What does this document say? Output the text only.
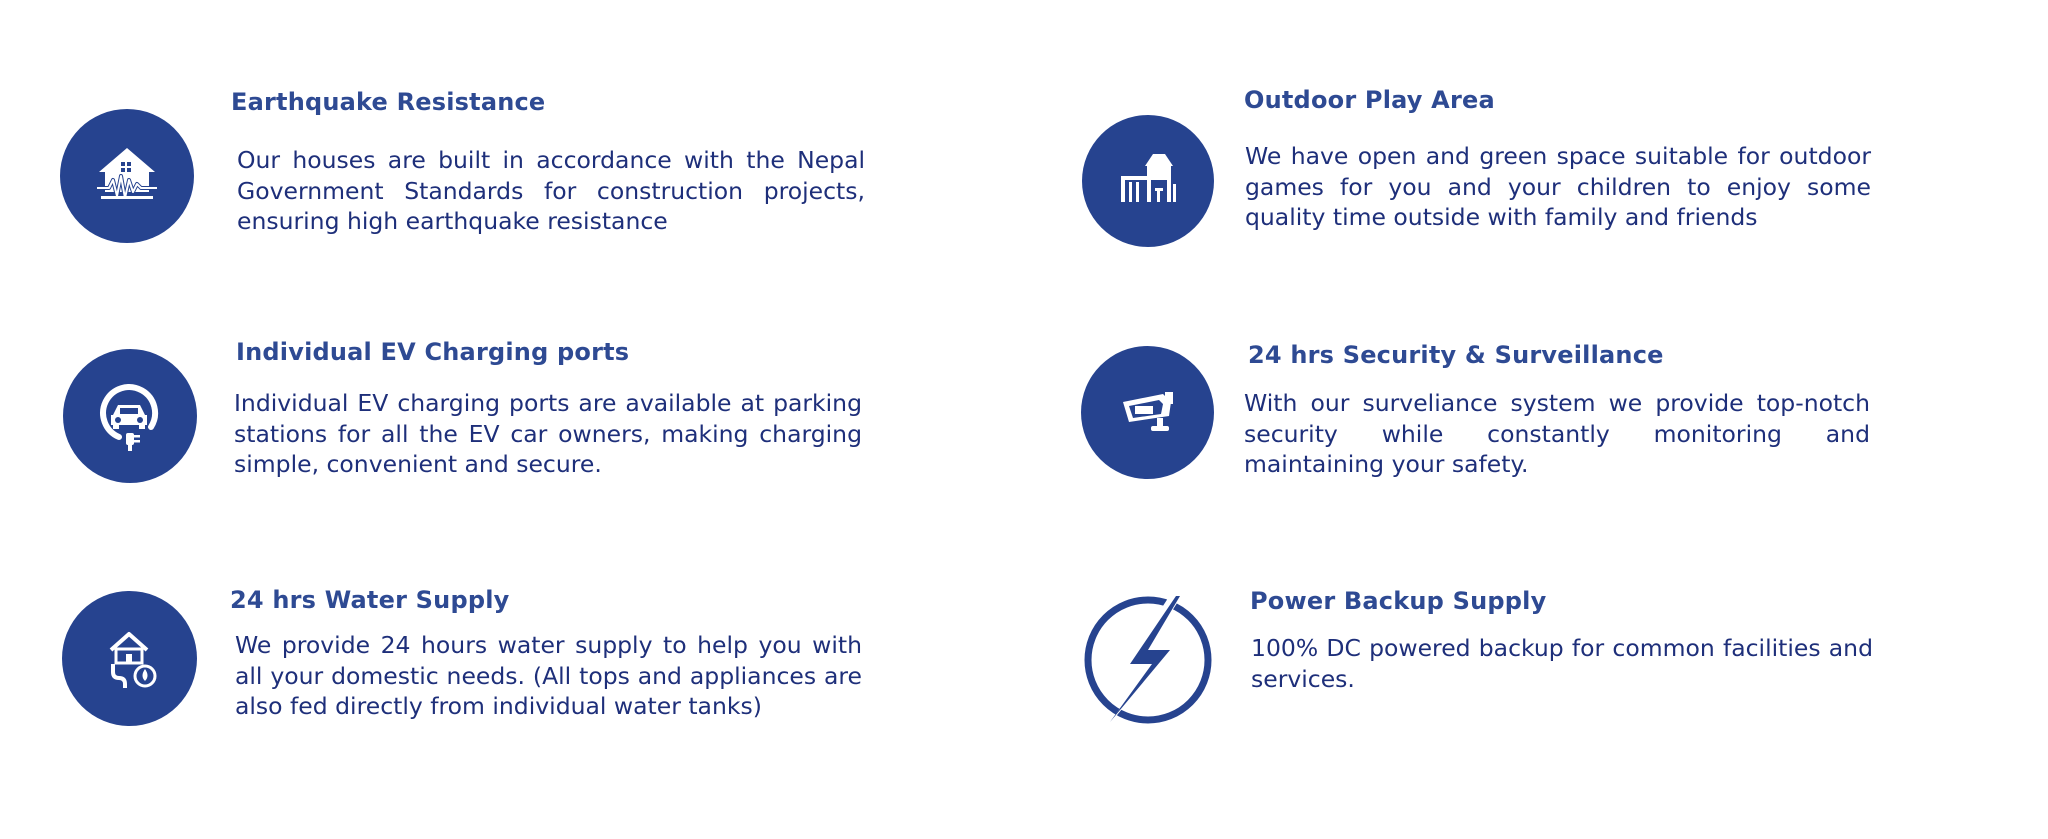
Earthquake Resistance
Our houses are built in accordance with the Nepal Government Standards for construction projects, ensuring high earthquake resistance
Outdoor Play Area
We have open and green space suitable for outdoor games for you and your children to enjoy some quality time outside with family and friends
Individual EV Charging ports
Individual EV charging ports are available at parking stations for all the EV car owners, making charging simple, convenient and secure.
24 hrs Security & Surveillance
With our surveliance system we provide top-notch security while constantly monitoring and maintaining your safety.
24 hrs Water Supply
We provide 24 hours water supply to help you with all your domestic needs. (All tops and appliances are also fed directly from individual water tanks)
Power Backup Supply
100% DC powered backup for common facilities and services.
